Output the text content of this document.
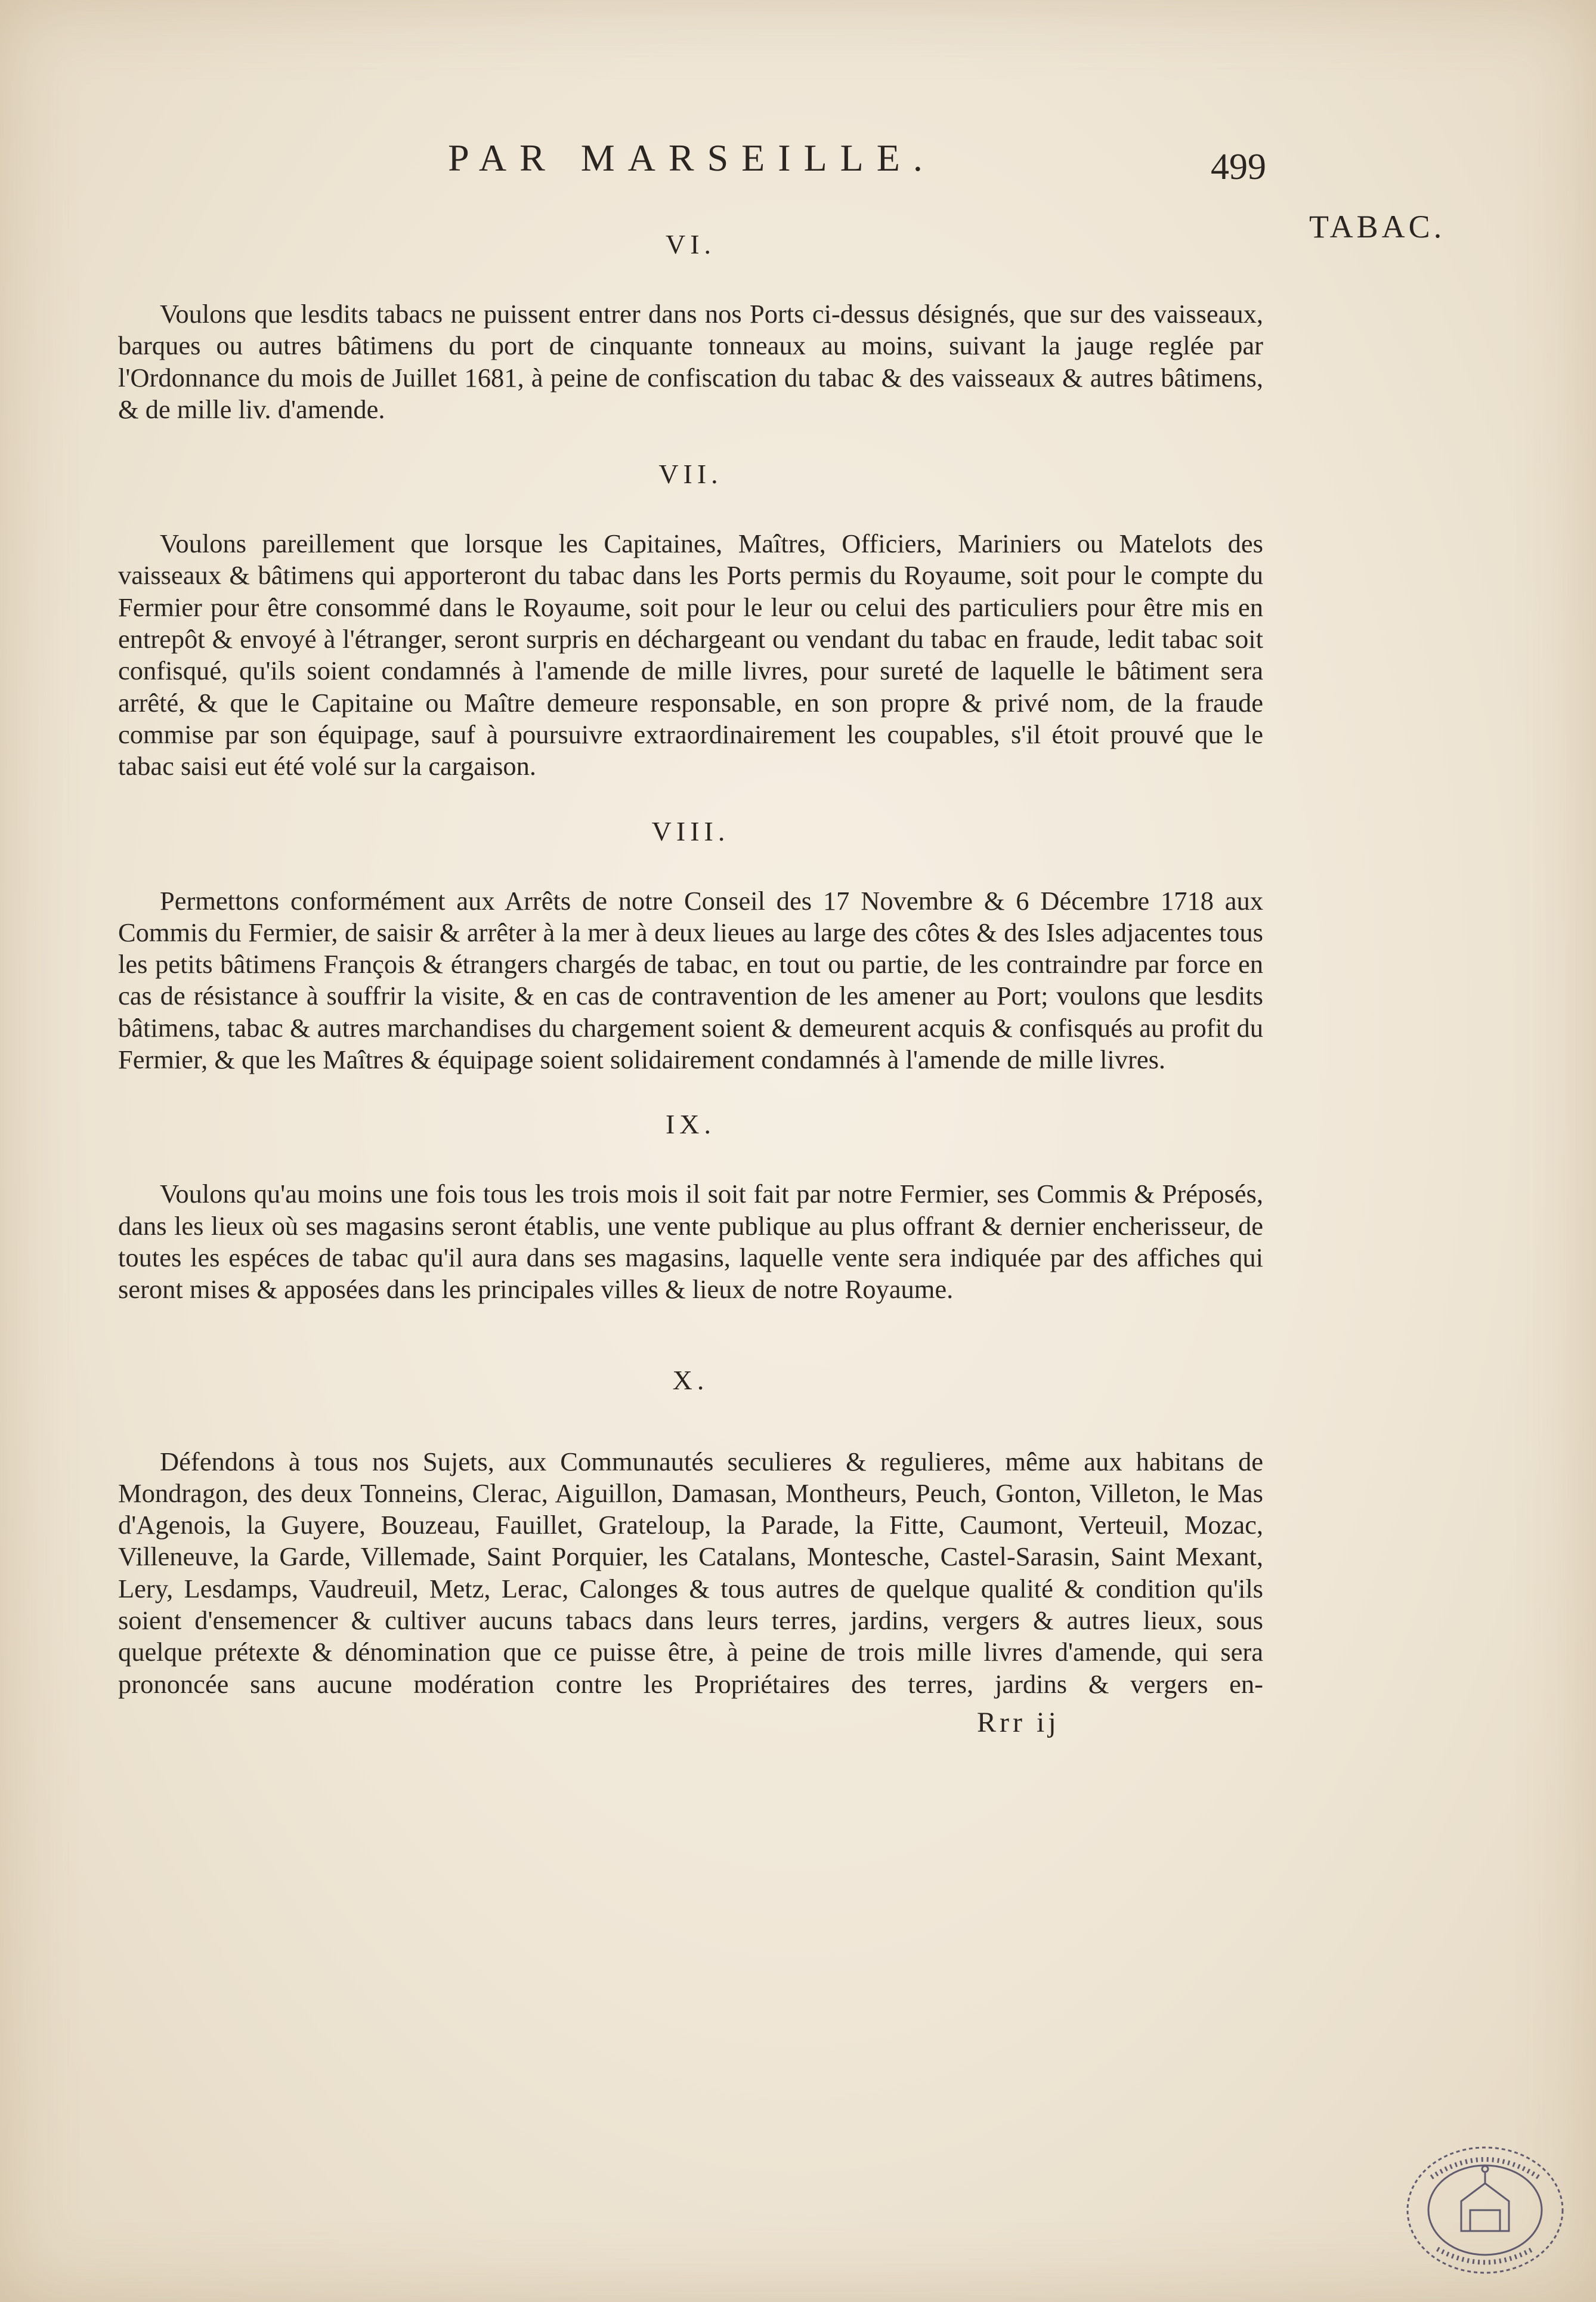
PAR MARSEILLE.	499
TABAC.
VI.

Voulons que lesdits tabacs ne puissent entrer dans nos Ports ci-dessus désignés, que sur des vaisseaux, barques ou autres bâtimens du port de cinquante tonneaux au moins, suivant la jauge reglée par l'Ordonnance du mois de Juillet 1681, à peine de confiscation du tabac & des vaisseaux & autres bâtimens, & de mille liv. d'amende.

VII.

Voulons pareillement que lorsque les Capitaines, Maîtres, Officiers, Mariniers ou Matelots des vaisseaux & bâtimens qui apporteront du tabac dans les Ports permis du Royaume, soit pour le compte du Fermier pour être consommé dans le Royaume, soit pour le leur ou celui des particuliers pour être mis en entrepôt & envoyé à l'étranger, seront surpris en déchargeant ou vendant du tabac en fraude, ledit tabac soit confisqué, qu'ils soient condamnés à l'amende de mille livres, pour sureté de laquelle le bâtiment sera arrêté, & que le Capitaine ou Maître demeure responsable, en son propre & privé nom, de la fraude commise par son équipage, sauf à poursuivre extraordinairement les coupables, s'il étoit prouvé que le tabac saisi eut été volé sur la cargaison.

VIII.

Permettons conformément aux Arrêts de notre Conseil des 17 Novembre & 6 Décembre 1718 aux Commis du Fermier, de saisir & arrêter à la mer à deux lieues au large des côtes & des Isles adjacentes tous les petits bâtimens François & étrangers chargés de tabac, en tout ou partie, de les contraindre par force en cas de résistance à souffrir la visite, & en cas de contravention de les amener au Port; voulons que lesdits bâtimens, tabac & autres marchandises du chargement soient & demeurent acquis & confisqués au profit du Fermier, & que les Maîtres & équipage soient solidairement condamnés à l'amende de mille livres.

IX.

Voulons qu'au moins une fois tous les trois mois il soit fait par notre Fermier, ses Commis & Préposés, dans les lieux où ses magasins seront établis, une vente publique au plus offrant & dernier encherisseur, de toutes les espéces de tabac qu'il aura dans ses magasins, laquelle vente sera indiquée par des affiches qui seront mises & apposées dans les principales villes & lieux de notre Royaume.

X.

Défendons à tous nos Sujets, aux Communautés seculieres & regulieres, même aux habitans de Mondragon, des deux Tonneins, Clerac, Aiguillon, Damasan, Montheurs, Peuch, Gonton, Villeton, le Mas d'Agenois, la Guyere, Bouzeau, Fauillet, Grateloup, la Parade, la Fitte, Caumont, Verteuil, Mozac, Villeneuve, la Garde, Villemade, Saint Porquier, les Catalans, Montesche, Castel-Sarasin, Saint Mexant, Lery, Lesdamps, Vaudreuil, Metz, Lerac, Calonges & tous autres de quelque qualité & condition qu'ils soient d'ensemencer & cultiver aucuns tabacs dans leurs terres, jardins, vergers & autres lieux, sous quelque prétexte & dénomination que ce puisse être, à peine de trois mille livres d'amende, qui sera prononcée sans aucune modération contre les Propriétaires des terres, jardins & vergers en-

Rrr ij
